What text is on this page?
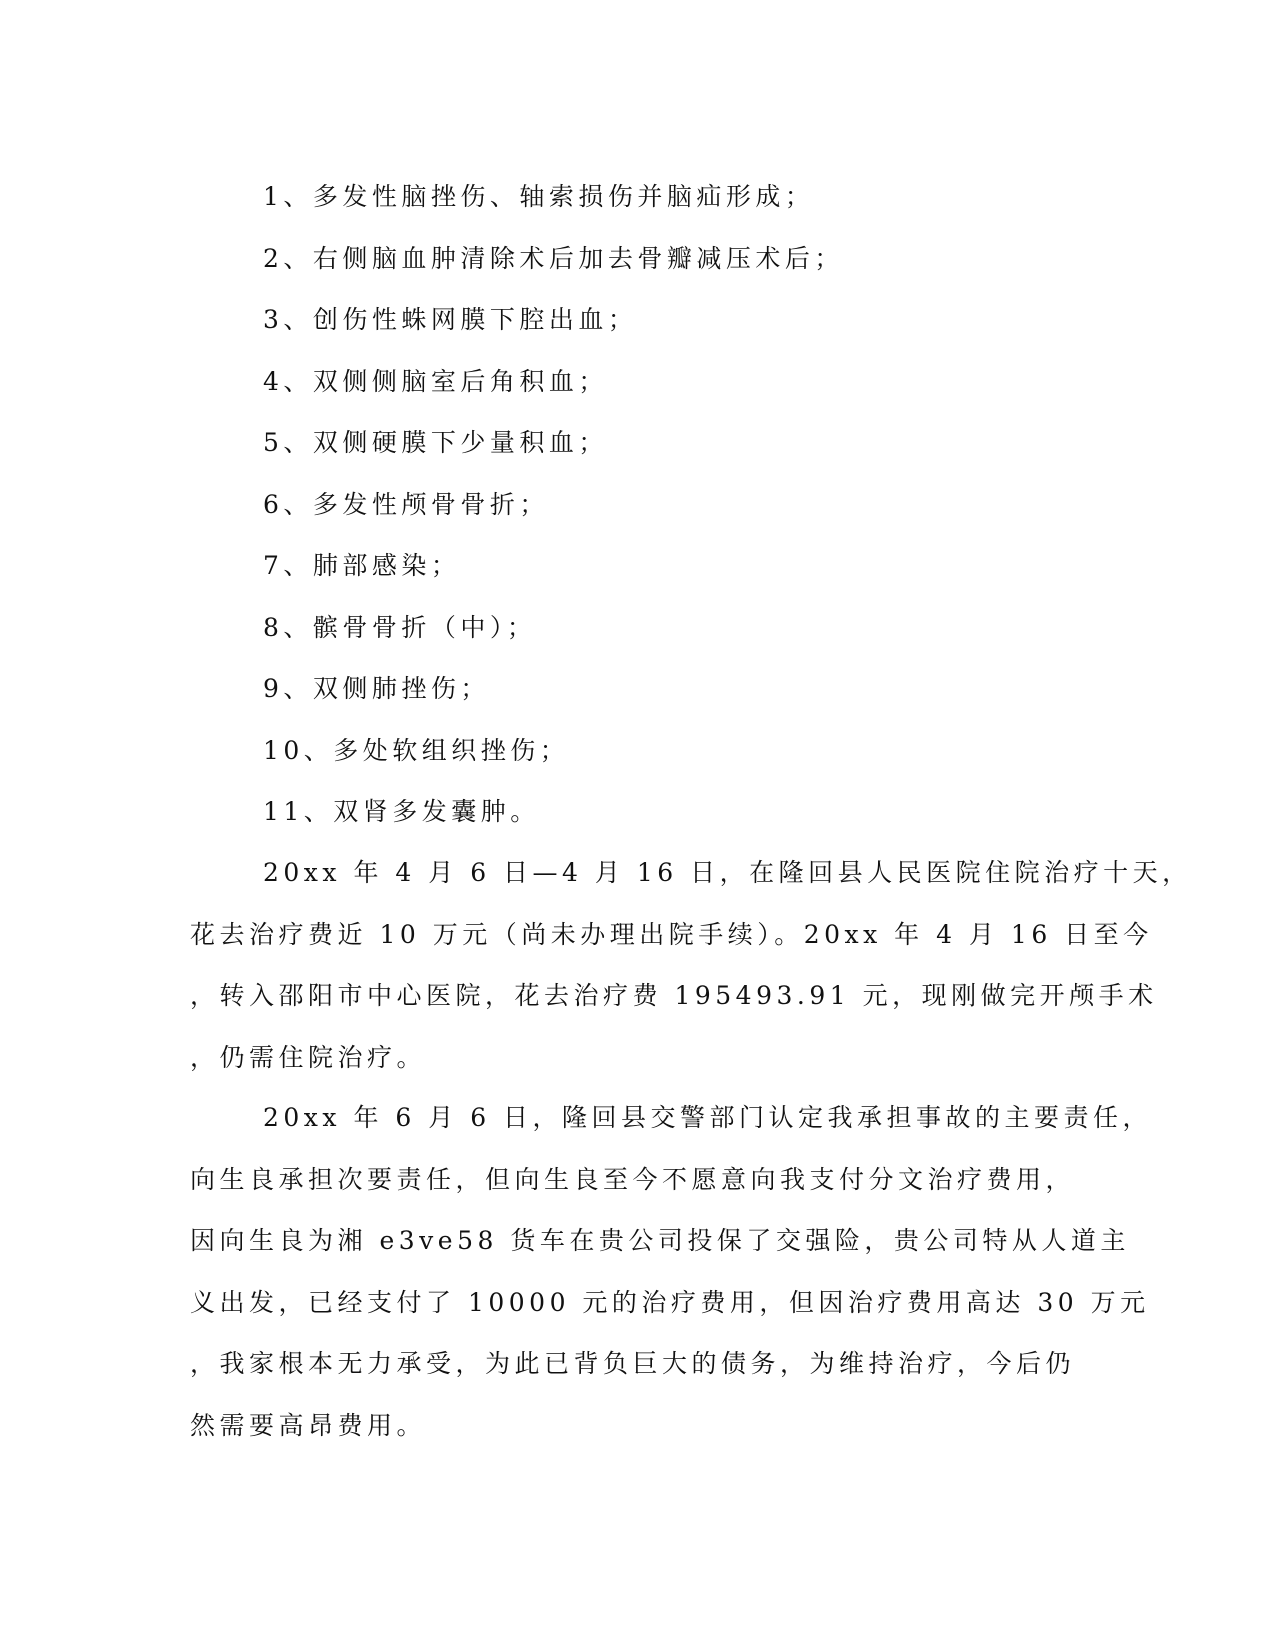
1、多发性脑挫伤、轴索损伤并脑疝形成；
2、右侧脑血肿清除术后加去骨瓣减压术后；
3、创伤性蛛网膜下腔出血；
4、双侧侧脑室后角积血；
5、双侧硬膜下少量积血；
6、多发性颅骨骨折；
7、肺部感染；
8、髌骨骨折（中）；
9、双侧肺挫伤；
10、多处软组织挫伤；
11、双肾多发囊肿。
20xx 年 4 月 6 日—4 月 16 日，在隆回县人民医院住院治疗十天，
花去治疗费近 10 万元（尚未办理出院手续）。20xx 年 4 月 16 日至今
，转入邵阳市中心医院，花去治疗费 195493.91 元，现刚做完开颅手术
，仍需住院治疗。
20xx 年 6 月 6 日，隆回县交警部门认定我承担事故的主要责任，
向生良承担次要责任，但向生良至今不愿意向我支付分文治疗费用，
因向生良为湘 e3ve58 货车在贵公司投保了交强险，贵公司特从人道主
义出发，已经支付了 10000 元的治疗费用，但因治疗费用高达 30 万元
，我家根本无力承受，为此已背负巨大的债务，为维持治疗，今后仍
然需要高昂费用。
